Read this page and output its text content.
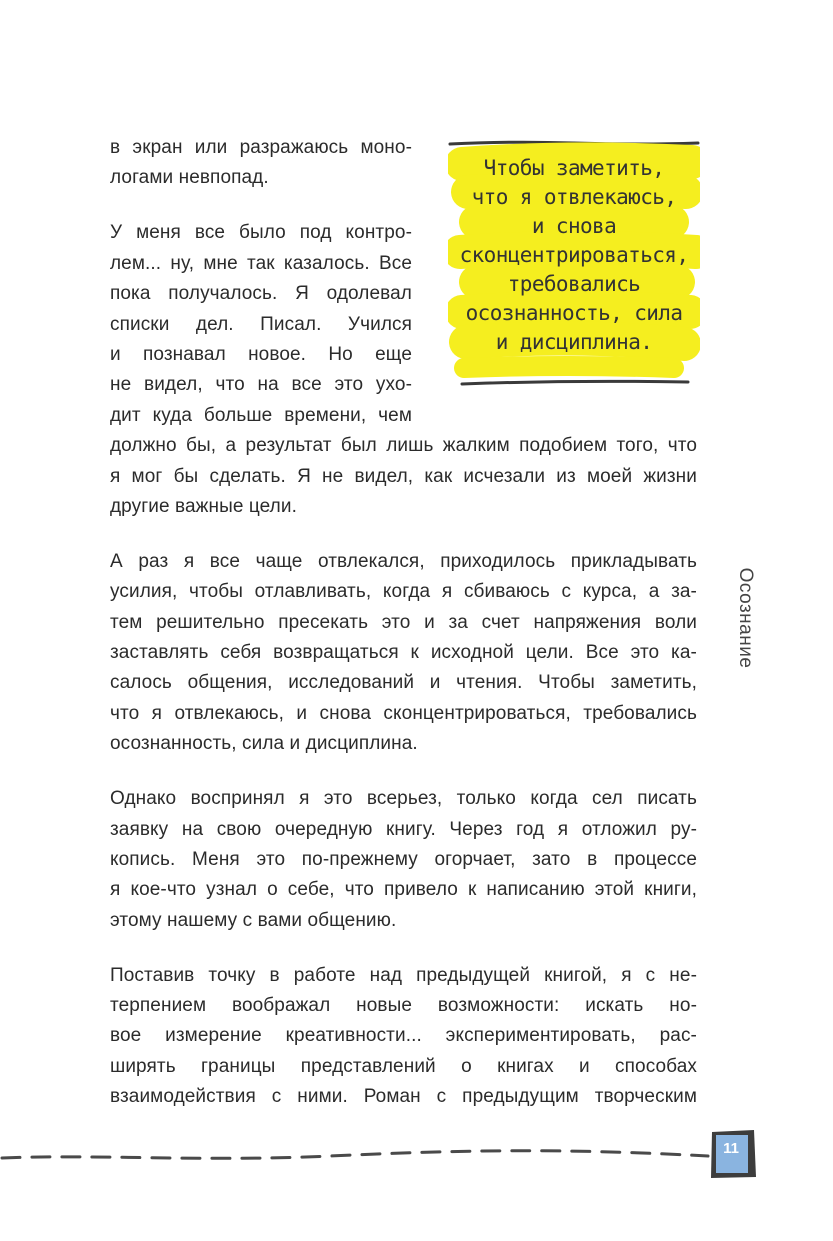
в экран или разражаюсь моно-
логами невпопад.
У меня все было под контро-
лем... ну, мне так казалось. Все
пока получалось. Я одолевал
списки дел. Писал. Учился
и познавал новое. Но еще
не видел, что на все это ухо-
дит куда больше времени, чем
должно бы, а результат был лишь жалким подобием того, что
я мог бы сделать. Я не видел, как исчезали из моей жизни
другие важные цели.
А раз я все чаще отвлекался, приходилось прикладывать
усилия, чтобы отлавливать, когда я сбиваюсь с курса, а за-
тем решительно пресекать это и за счет напряжения воли
заставлять себя возвращаться к исходной цели. Все это ка-
салось общения, исследований и чтения. Чтобы заметить,
что я отвлекаюсь, и снова сконцентрироваться, требовались
осознанность, сила и дисциплина.
Однако воспринял я это всерьез, только когда сел писать
заявку на свою очередную книгу. Через год я отложил ру-
копись. Меня это по-прежнему огорчает, зато в процессе
я кое-что узнал о себе, что привело к написанию этой книги,
этому нашему с вами общению.
Поставив точку в работе над предыдущей книгой, я с не-
терпением воображал новые возможности: искать но-
вое измерение креативности... экспериментировать, рас-
ширять границы представлений о книгах и способах
взаимодействия с ними. Роман с предыдущим творческим
Чтобы заметить,
что я отвлекаюсь,
и снова
сконцентрироваться,
требовались
осознанность, сила
и дисциплина.
Осознание
11
